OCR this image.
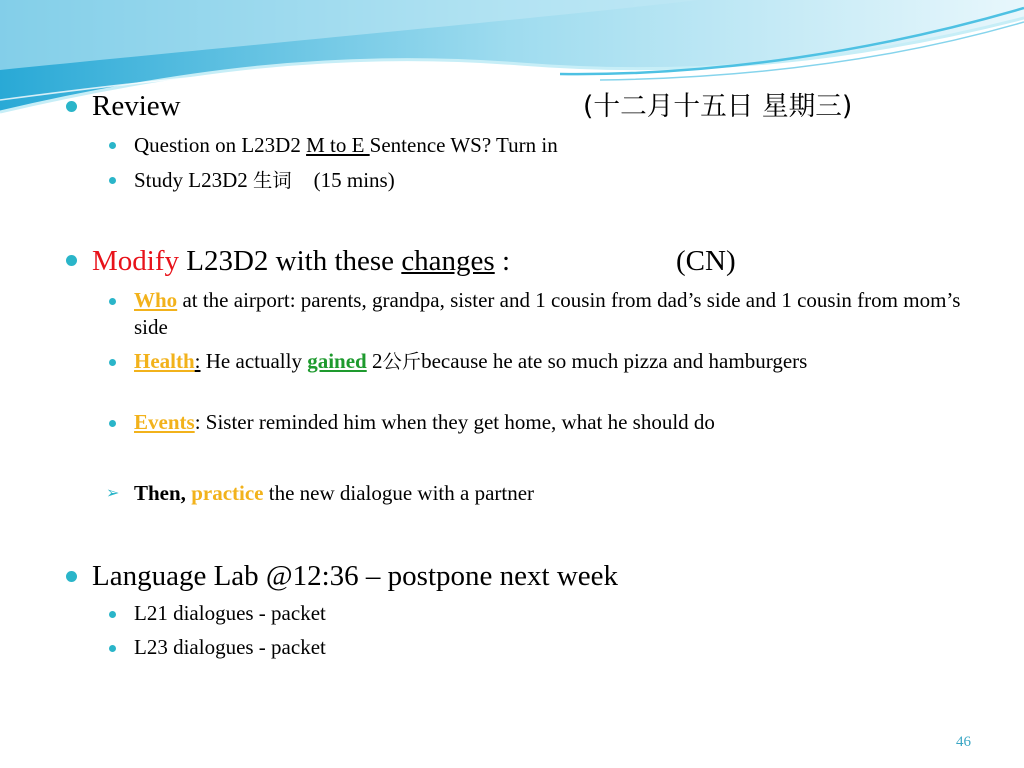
Review	(十二月十五日 星期三)
Question on L23D2 M to E Sentence WS? Turn in
Study L23D2 生词 (15 mins)
Modify L23D2 with these changes :	(CN)
Who at the airport: parents, grandpa, sister and 1 cousin from dad’s side and 1 cousin from mom’s side
Health: He actually gained 2公斤because he ate so much pizza and hamburgers
Events: Sister reminded him when they get home, what he should do
➢ Then, practice the new dialogue with a partner
Language Lab @12:36 – postpone next week
L21 dialogues - packet
L23 dialogues - packet
46
